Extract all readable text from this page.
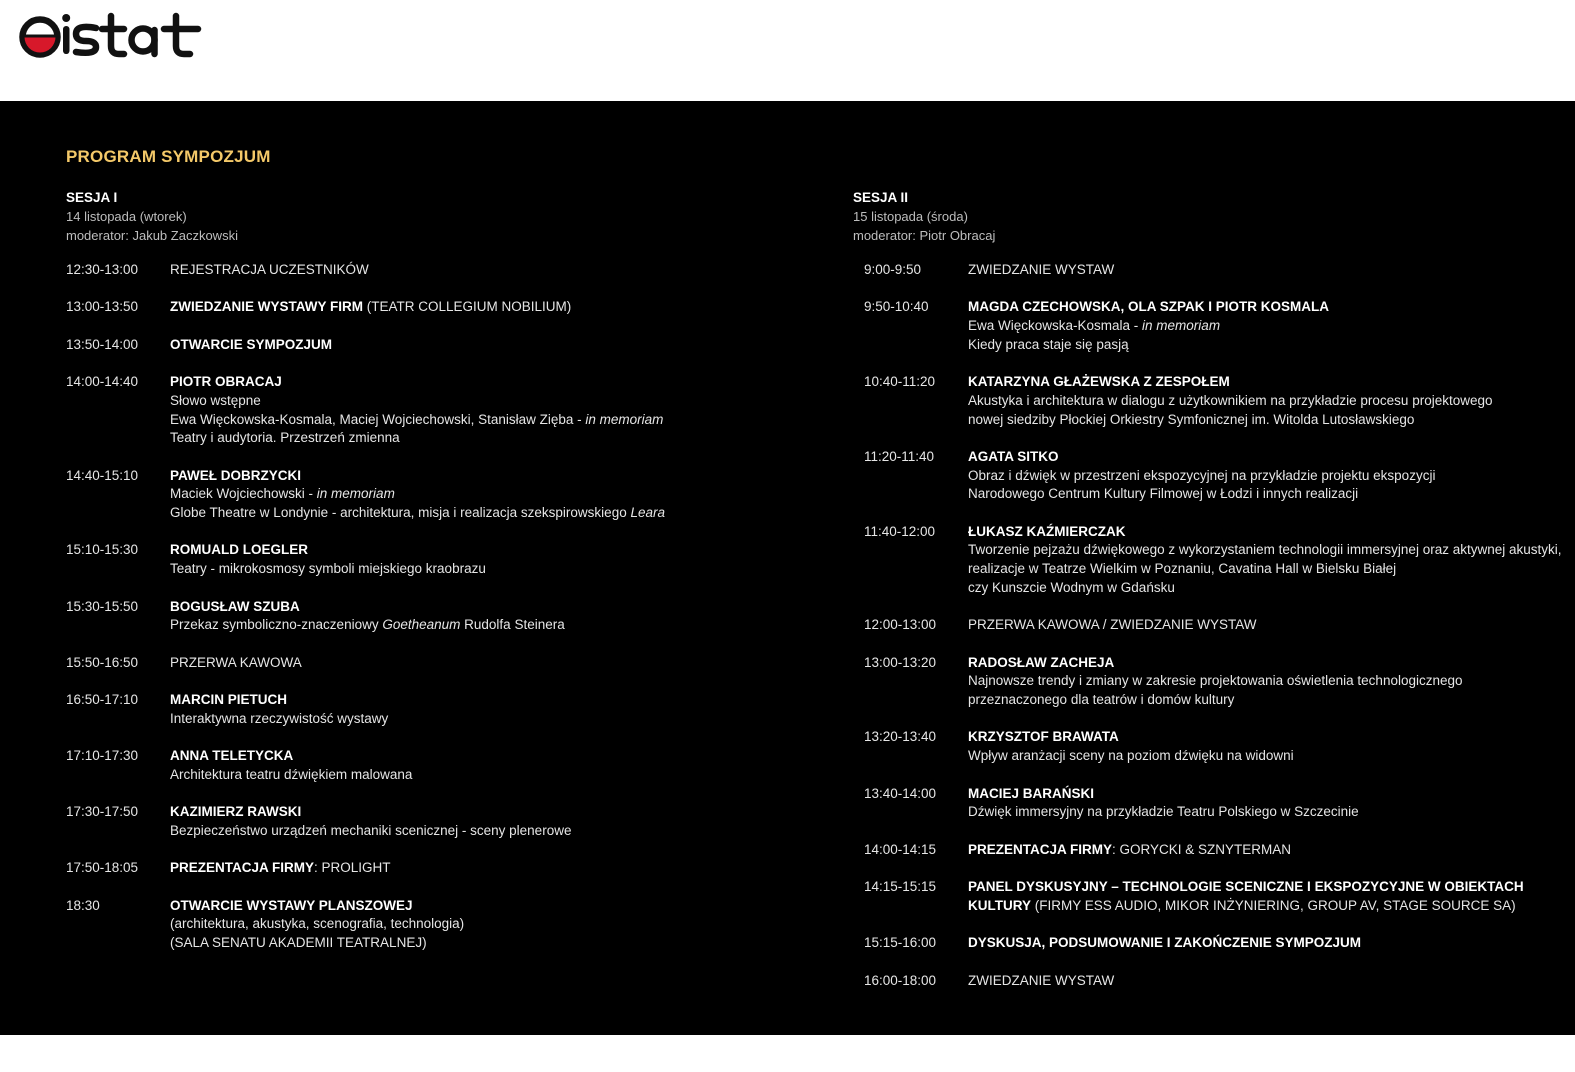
PROGRAM SYMPOZJUM
SESJA I
14 listopada (wtorek)
moderator: Jakub Zaczkowski
12:30-13:00	REJESTRACJA UCZESTNIKÓW
13:00-13:50	ZWIEDZANIE WYSTAWY FIRM (TEATR COLLEGIUM NOBILIUM)
13:50-14:00	OTWARCIE SYMPOZJUM
14:00-14:40	PIOTR OBRACAJ
Słowo wstępne
Ewa Więckowska-Kosmala, Maciej Wojciechowski, Stanisław Zięba - in memoriam
Teatry i audytoria. Przestrzeń zmienna
14:40-15:10	PAWEŁ DOBRZYCKI
Maciek Wojciechowski - in memoriam
Globe Theatre w Londynie - architektura, misja i realizacja szekspirowskiego Leara
15:10-15:30	ROMUALD LOEGLER
Teatry - mikrokosmosy symboli miejskiego kraobrazu
15:30-15:50	BOGUSŁAW SZUBA
Przekaz symboliczno-znaczeniowy Goetheanum Rudolfa Steinera
15:50-16:50	PRZERWA KAWOWA
16:50-17:10	MARCIN PIETUCH
Interaktywna rzeczywistość wystawy
17:10-17:30	ANNA TELETYCKA
Architektura teatru dźwiękiem malowana
17:30-17:50	KAZIMIERZ RAWSKI
Bezpieczeństwo urządzeń mechaniki scenicznej - sceny plenerowe
17:50-18:05	PREZENTACJA FIRMY: PROLIGHT
18:30	OTWARCIE WYSTAWY PLANSZOWEJ
(architektura, akustyka, scenografia, technologia)
(SALA SENATU AKADEMII TEATRALNEJ)
SESJA II
15 listopada (środa)
moderator: Piotr Obracaj
9:00-9:50	ZWIEDZANIE WYSTAW
9:50-10:40	MAGDA CZECHOWSKA, OLA SZPAK I PIOTR KOSMALA
Ewa Więckowska-Kosmala - in memoriam
Kiedy praca staje się pasją
10:40-11:20	KATARZYNA GŁAŻEWSKA Z ZESPOŁEM
Akustyka i architektura w dialogu z użytkownikiem na przykładzie procesu projektowego
nowej siedziby Płockiej Orkiestry Symfonicznej im. Witolda Lutosławskiego
11:20-11:40	AGATA SITKO
Obraz i dźwięk w przestrzeni ekspozycyjnej na przykładzie projektu ekspozycji
Narodowego Centrum Kultury Filmowej w Łodzi i innych realizacji
11:40-12:00	ŁUKASZ KAŹMIERCZAK
Tworzenie pejzażu dźwiękowego z wykorzystaniem technologii immersyjnej oraz aktywnej akustyki,
realizacje w Teatrze Wielkim w Poznaniu, Cavatina Hall w Bielsku Białej
czy Kunszcie Wodnym w Gdańsku
12:00-13:00	PRZERWA KAWOWA / ZWIEDZANIE WYSTAW
13:00-13:20	RADOSŁAW ZACHEJA
Najnowsze trendy i zmiany w zakresie projektowania oświetlenia technologicznego
przeznaczonego dla teatrów i domów kultury
13:20-13:40	KRZYSZTOF BRAWATA
Wpływ aranżacji sceny na poziom dźwięku na widowni
13:40-14:00	MACIEJ BARAŃSKI
Dźwięk immersyjny na przykładzie Teatru Polskiego w Szczecinie
14:00-14:15	PREZENTACJA FIRMY: GORYCKI & SZNYTERMAN
14:15-15:15	PANEL DYSKUSYJNY – TECHNOLOGIE SCENICZNE I EKSPOZYCYJNE W OBIEKTACH KULTURY (FIRMY ESS AUDIO, MIKOR INŻYNIERING, GROUP AV, STAGE SOURCE SA)
15:15-16:00	DYSKUSJA, PODSUMOWANIE I ZAKOŃCZENIE SYMPOZJUM
16:00-18:00	ZWIEDZANIE WYSTAW
